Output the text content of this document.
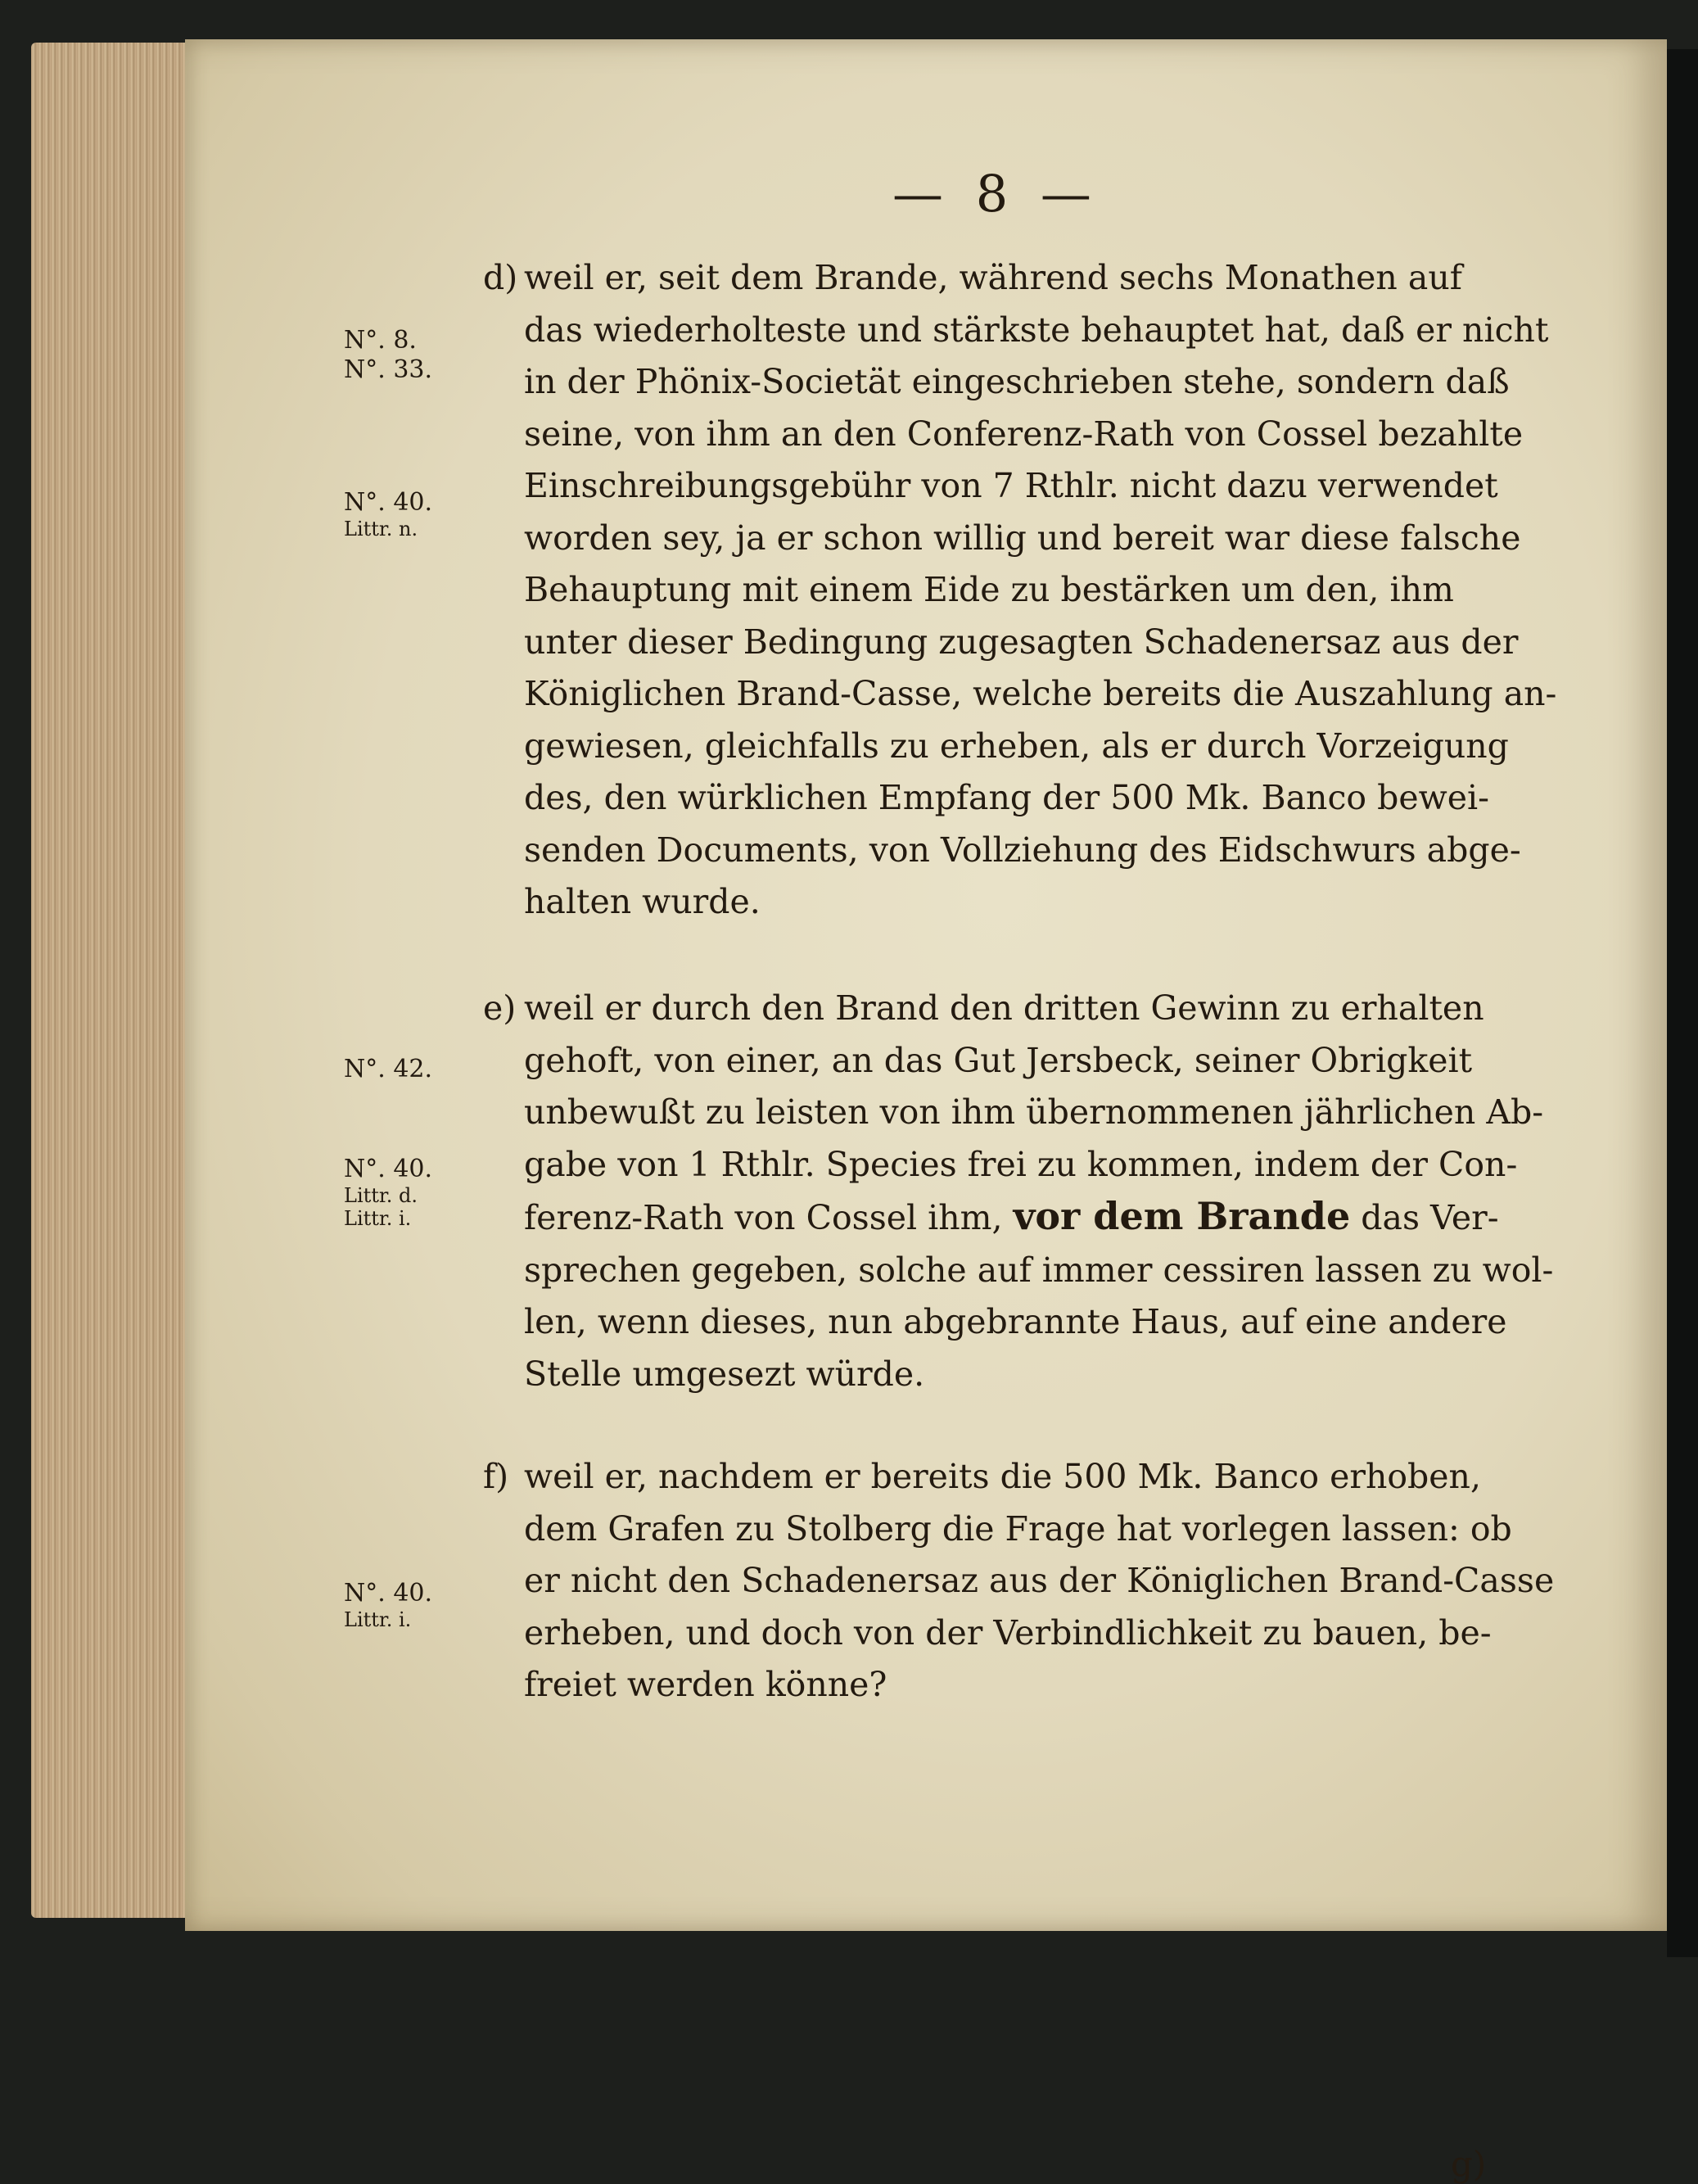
— 8 —
N°. 8.
N°. 33.
N°. 40.
Littr. n.
N°. 42.
N°. 40.
Littr. d.
Littr. i.
N°. 40.
Littr. i.
d) weil er, seit dem Brande, während sechs Monathen auf
das wiederholteste und stärkste behauptet hat, daß er nicht
in der Phönix-Societät eingeschrieben stehe, sondern daß
seine, von ihm an den Conferenz-Rath von Cossel bezahlte
Einschreibungsgebühr von 7 Rthlr. nicht dazu verwendet
worden sey, ja er schon willig und bereit war diese falsche
Behauptung mit einem Eide zu bestärken um den, ihm
unter dieser Bedingung zugesagten Schadenersaz aus der
Königlichen Brand-Casse, welche bereits die Auszahlung an-
gewiesen, gleichfalls zu erheben, als er durch Vorzeigung
des, den würklichen Empfang der 500 Mk. Banco bewei-
senden Documents, von Vollziehung des Eidschwurs abge-
halten wurde.
e) weil er durch den Brand den dritten Gewinn zu erhalten
gehoft, von einer, an das Gut Jersbeck, seiner Obrigkeit
unbewußt zu leisten von ihm übernommenen jährlichen Ab-
gabe von 1 Rthlr. Species frei zu kommen, indem der Con-
ferenz-Rath von Cossel ihm, vor dem Brande das Ver-
sprechen gegeben, solche auf immer cessiren lassen zu wol-
len, wenn dieses, nun abgebrannte Haus, auf eine andere
Stelle umgesezt würde.
f) weil er, nachdem er bereits die 500 Mk. Banco erhoben,
dem Grafen zu Stolberg die Frage hat vorlegen lassen: ob
er nicht den Schadenersaz aus der Königlichen Brand-Casse
erheben, und doch von der Verbindlichkeit zu bauen, be-
freiet werden könne?
g)
